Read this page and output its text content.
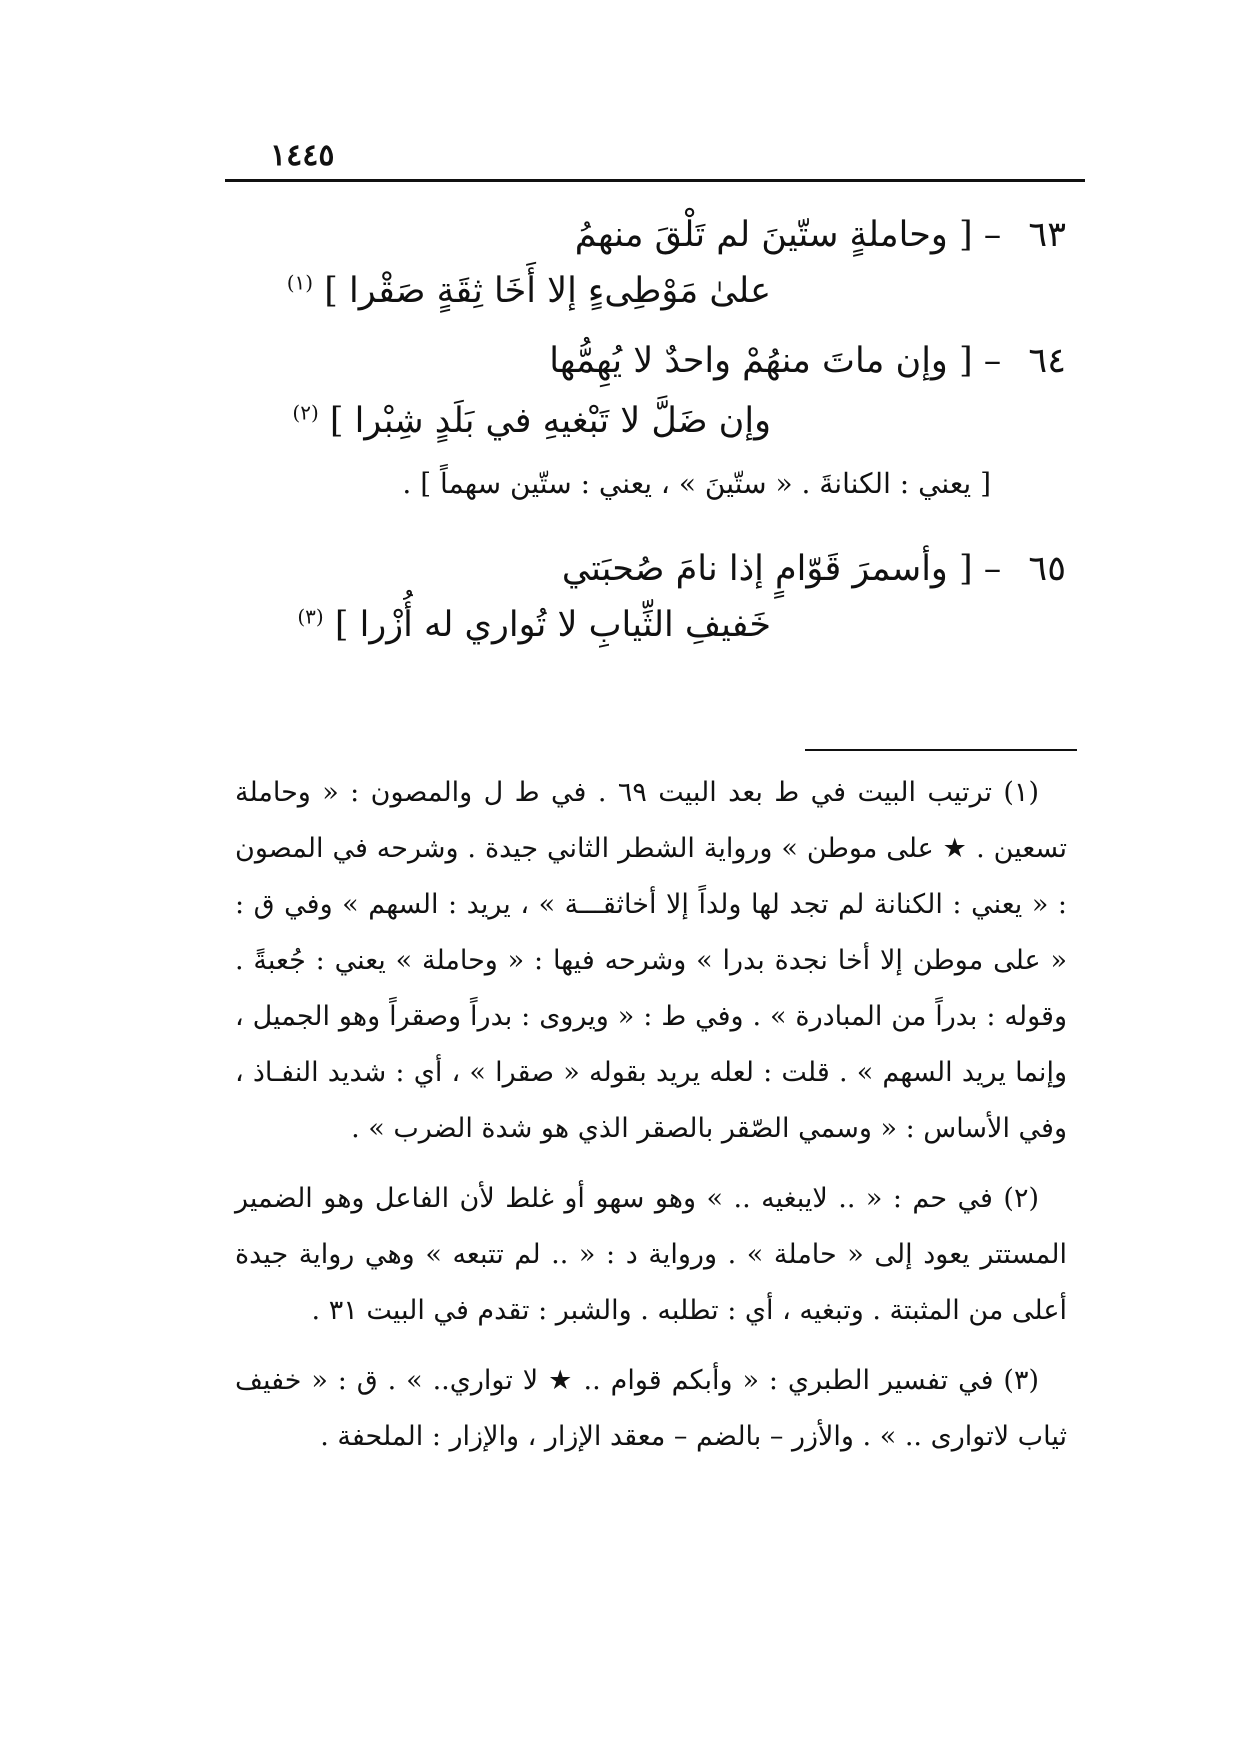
١٤٤٥
٦٣ – [ وحاملةٍ ستّينَ لم تَلْقَ منهمُ
علىٰ مَوْطِىءٍ إلا أَخَا ثِقَةٍ صَقْرا ] $^{(١)}$
٦٤ – [ وإن ماتَ منهُمْ واحدٌ لا يُهِمُّها
وإن ضَلَّ لا تَبْغيهِ في بَلَدٍ شِبْرا ] $^{(٢)}$
[ يعني : الكنانةَ . « ستّينَ » ، يعني : ستّين سهماً ] .
٦٥ – [ وأسمرَ قَوّامٍ إذا نامَ صُحبَتي
خَفيفِ الثِّيابِ لا تُواري له أُزْرا ] $^{(٣)}$

(١) ترتيب البيت في ط بعد البيت ٦٩ . في ط ل والمصون : « وحاملة تسعين . ★ على موطن » ورواية الشطر الثاني جيدة . وشرحه في المصون : « يعني : الكنانة لم تجد لها ولداً إلا أخاثقـــة » ، يريد : السهم » وفي ق : « على موطن إلا أخا نجدة بدرا » وشرحه فيها : « وحاملة » يعني : جُعبةً . وقوله : بدراً من المبادرة » . وفي ط : « ويروى : بدراً وصقراً وهو الجميل ، وإنما يريد السهم » . قلت : لعله يريد بقوله « صقرا » ، أي : شديد النفـاذ ، وفي الأساس : « وسمي الصّقر بالصقر الذي هو شدة الضرب » .

(٢) في حم : « .. لايبغيه .. » وهو سهو أو غلط لأن الفاعل وهو الضمير المستتر يعود إلى « حاملة » . ورواية د : « .. لم تتبعه » وهي رواية جيدة أعلى من المثبتة . وتبغيه ، أي : تطلبه . والشبر : تقدم في البيت ٣١ .

(٣) في تفسير الطبري : « وأبكم قوام .. ★ لا تواري.. » . ق : « خفيف ثياب لاتوارى .. » . والأزر – بالضم – معقد الإزار ، والإزار : الملحفة .
